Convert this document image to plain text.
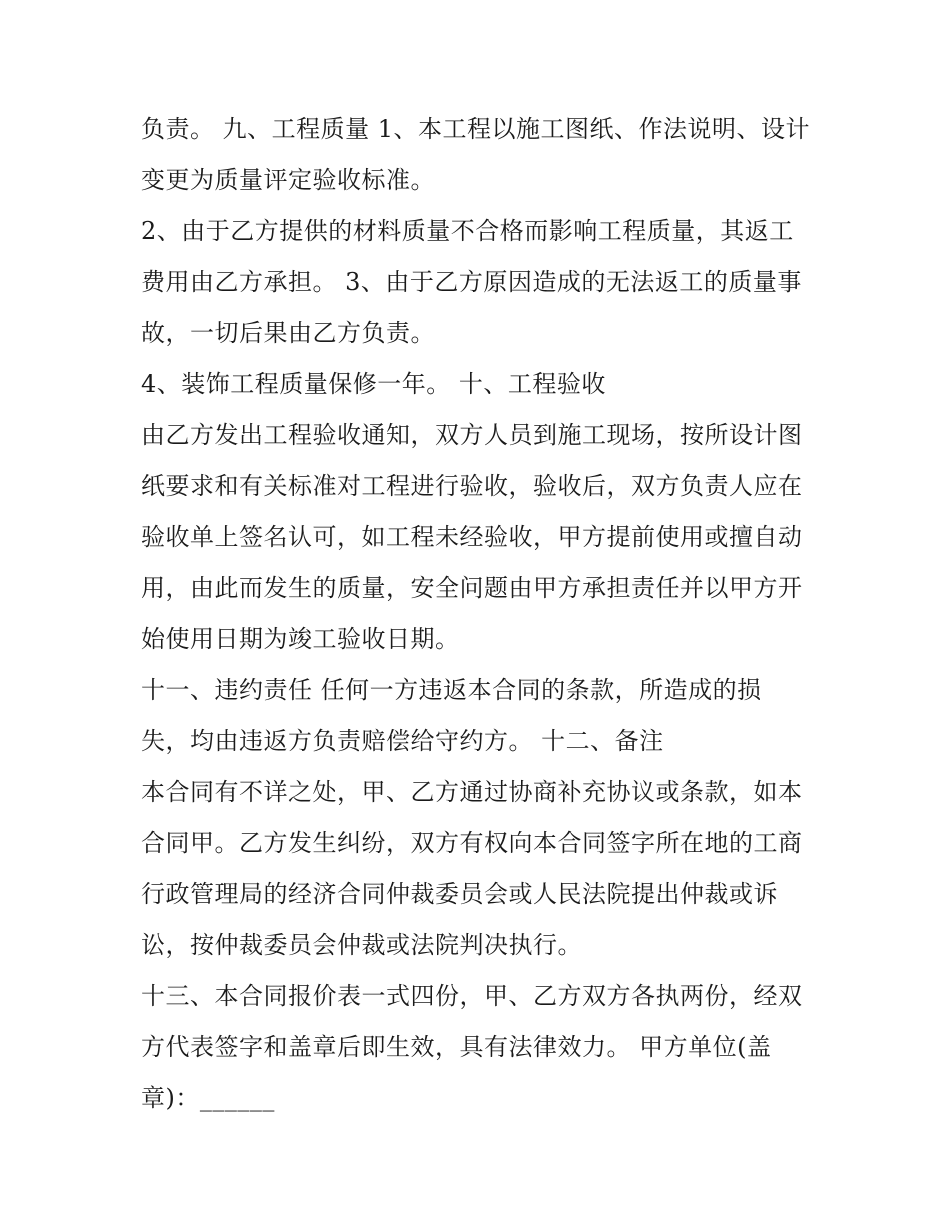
负责。 九、工程质量 1、本工程以施工图纸、作法说明、设计
变更为质量评定验收标准。
2、由于乙方提供的材料质量不合格而影响工程质量，其返工
费用由乙方承担。 3、由于乙方原因造成的无法返工的质量事
故，一切后果由乙方负责。
4、装饰工程质量保修一年。 十、工程验收
由乙方发出工程验收通知，双方人员到施工现场，按所设计图
纸要求和有关标准对工程进行验收，验收后，双方负责人应在
验收单上签名认可，如工程未经验收，甲方提前使用或擅自动
用，由此而发生的质量，安全问题由甲方承担责任并以甲方开
始使用日期为竣工验收日期。
十一、违约责任 任何一方违返本合同的条款，所造成的损
失，均由违返方负责赔偿给守约方。 十二、备注
本合同有不详之处，甲、乙方通过协商补充协议或条款，如本
合同甲。乙方发生纠纷，双方有权向本合同签字所在地的工商
行政管理局的经济合同仲裁委员会或人民法院提出仲裁或诉
讼，按仲裁委员会仲裁或法院判决执行。
十三、本合同报价表一式四份，甲、乙方双方各执两份，经双
方代表签字和盖章后即生效，具有法律效力。 甲方单位(盖
章)：______
